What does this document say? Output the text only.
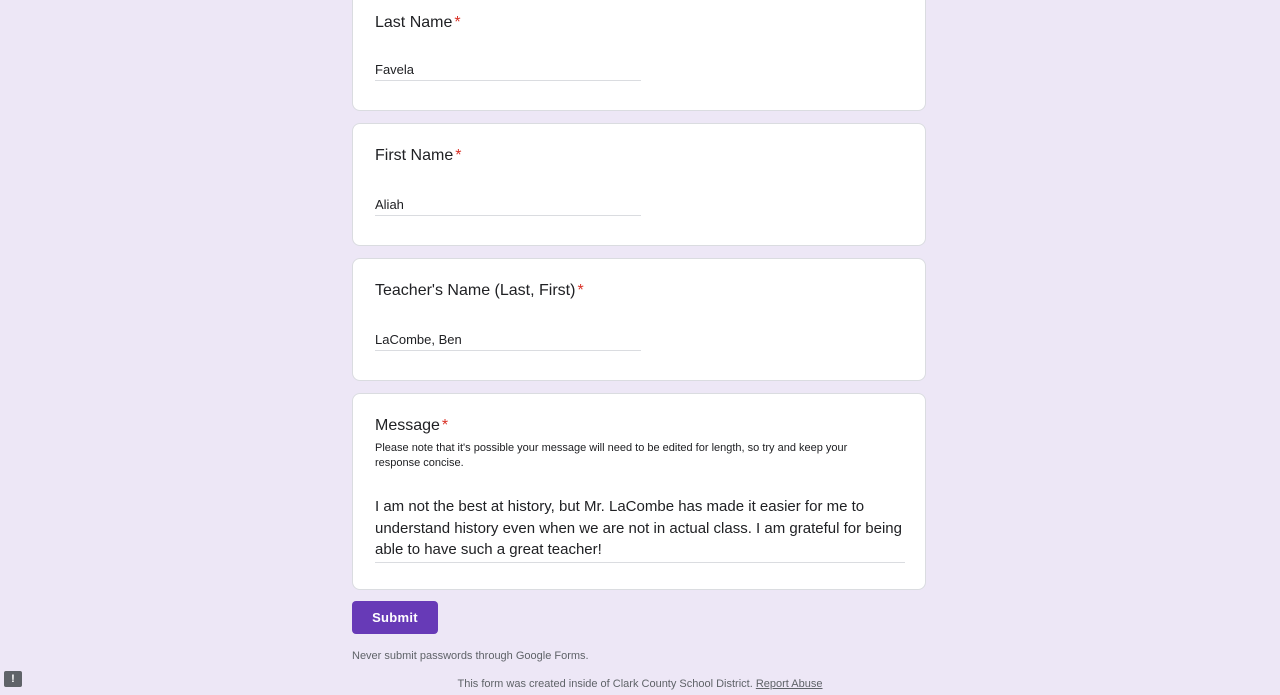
Last Name *
Favela
First Name *
Aliah
Teacher's Name (Last, First) *
LaCombe, Ben
Message *
Please note that it's possible your message will need to be edited for length, so try and keep your response concise.
I am not the best at history, but Mr. LaCombe has made it easier for me to understand history even when we are not in actual class. I am grateful for being able to have such a great teacher!
Submit
Never submit passwords through Google Forms.
This form was created inside of Clark County School District. Report Abuse
!
